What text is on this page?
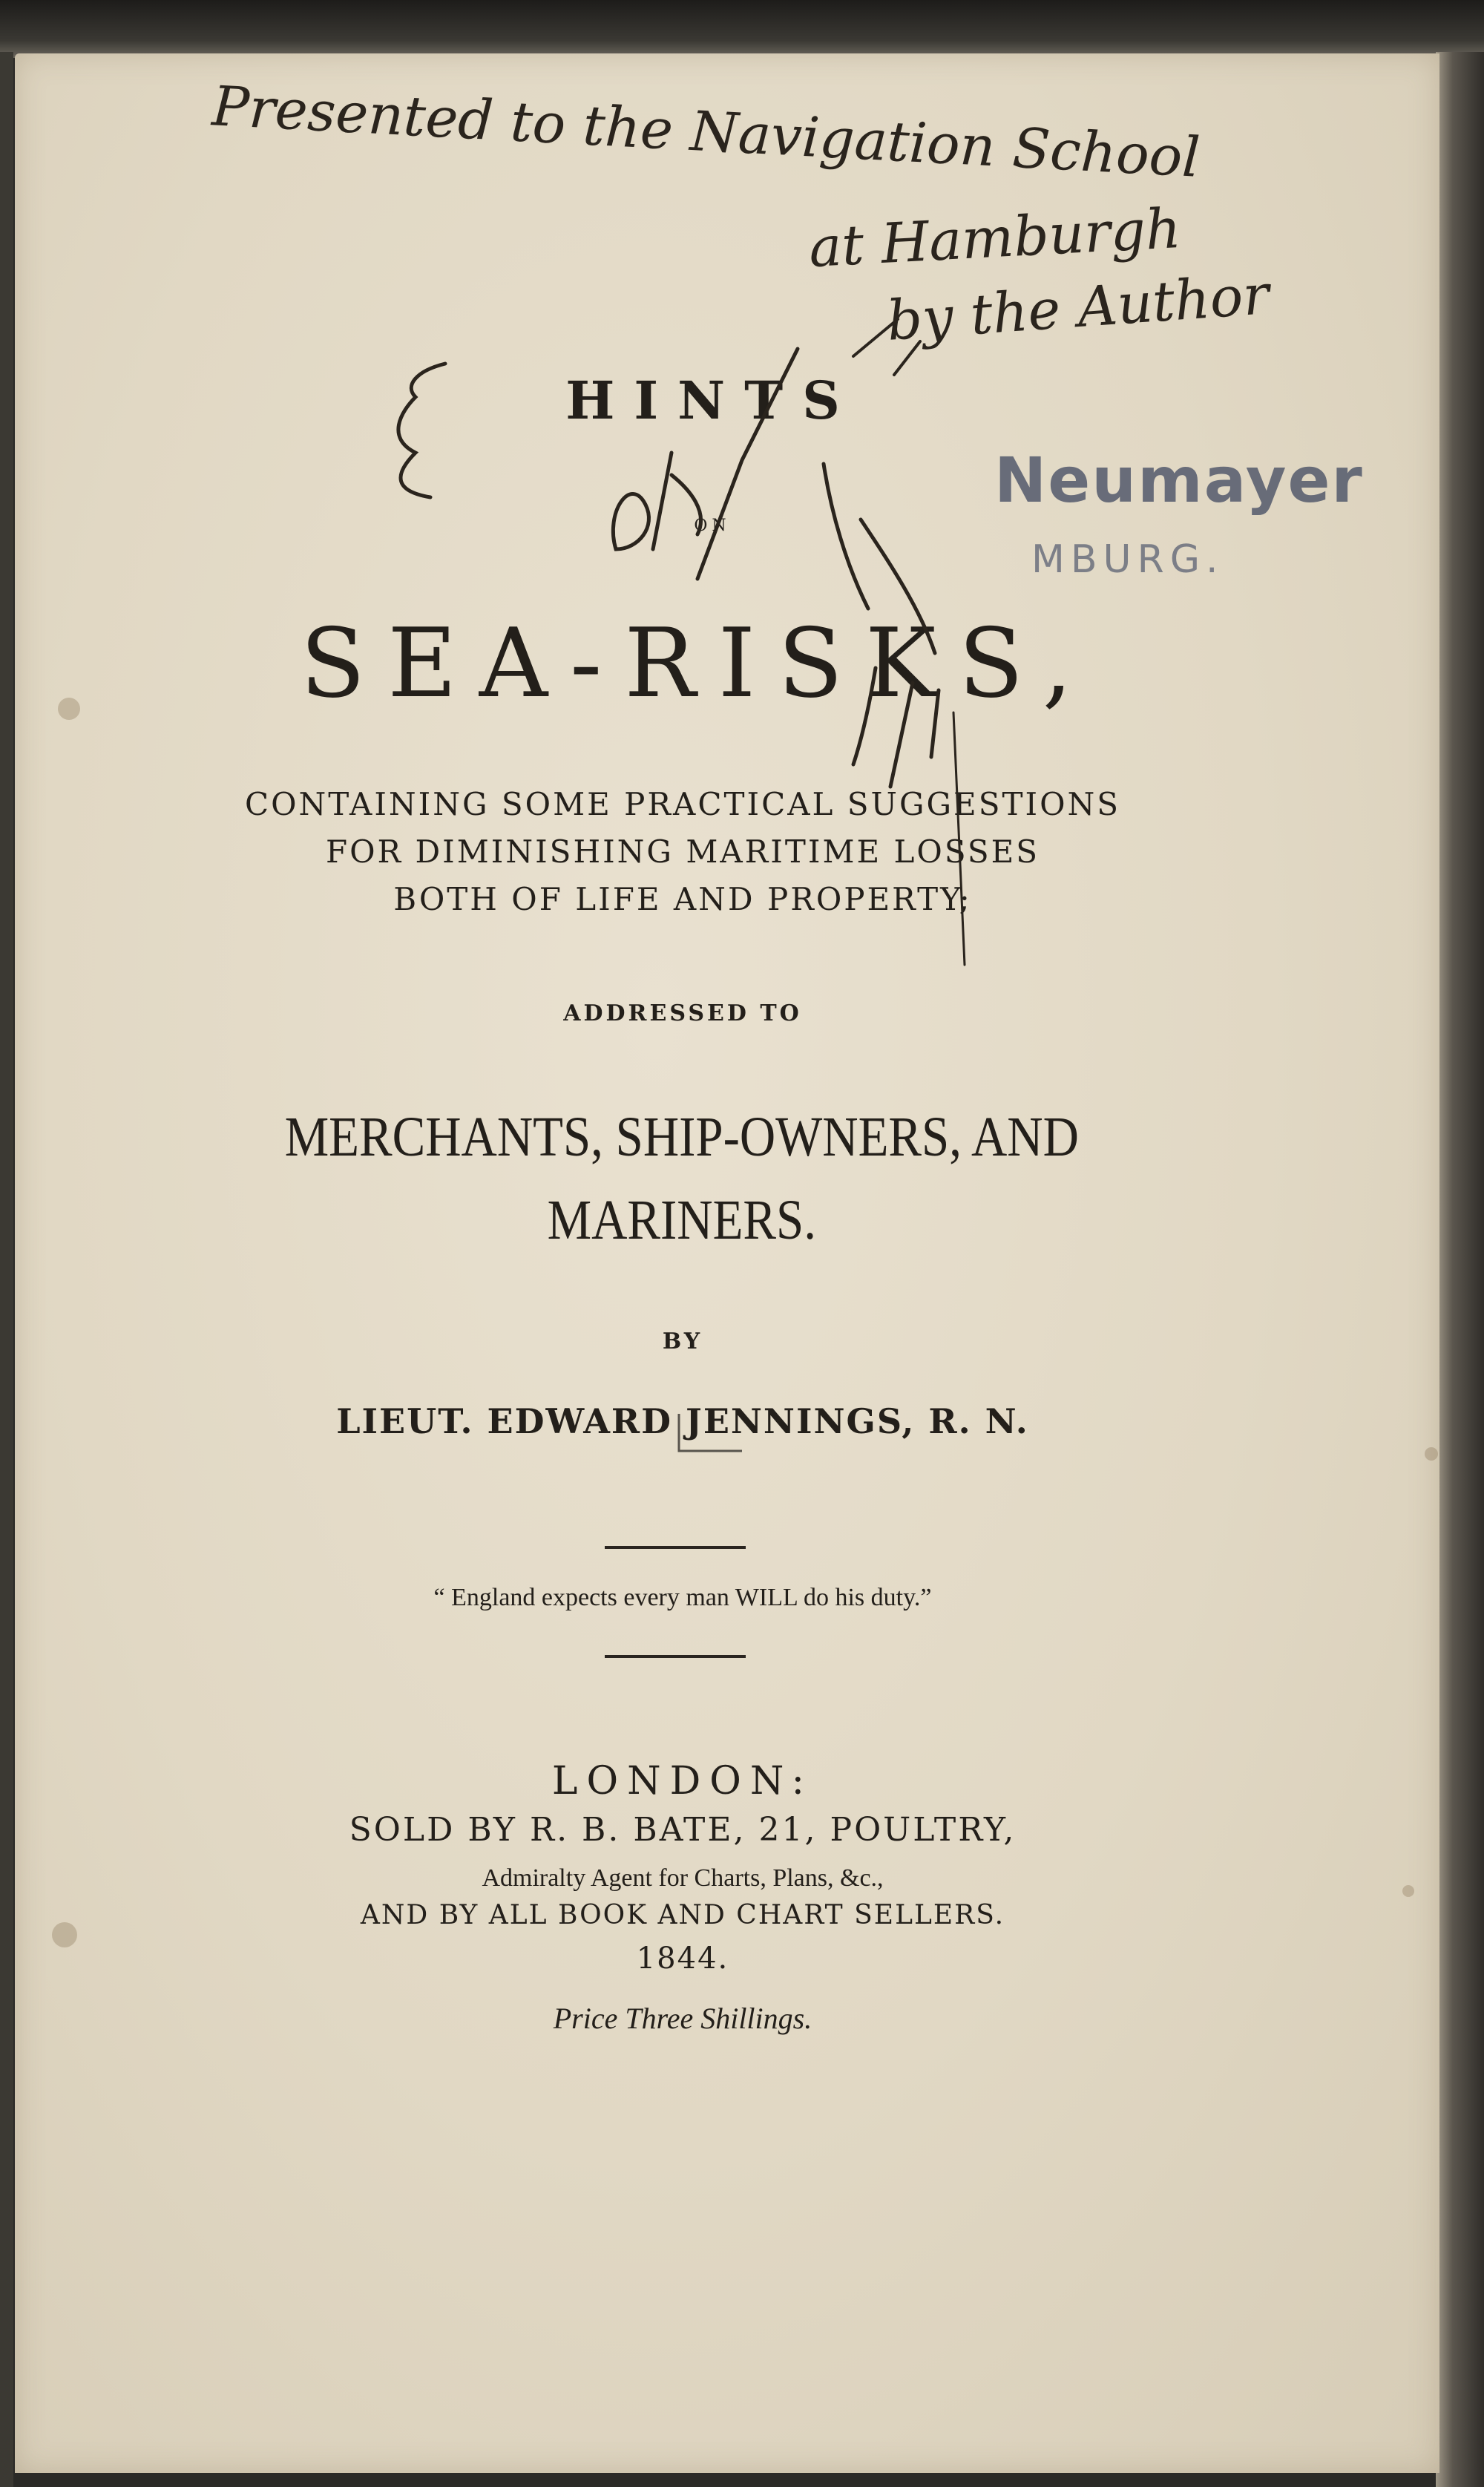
Presented to the Navigation School
at Hamburgh
by the Author
Neumayer
MBURG.
HINTS
ON
SEA-RISKS,
CONTAINING SOME PRACTICAL SUGGESTIONS
FOR DIMINISHING MARITIME LOSSES
BOTH OF LIFE AND PROPERTY;
ADDRESSED TO
MERCHANTS, SHIP-OWNERS, AND
MARINERS.
BY
LIEUT. EDWARD JENNINGS, R. N.
“ England expects every man WILL do his duty.”
LONDON:
SOLD BY R. B. BATE, 21, POULTRY,
Admiralty Agent for Charts, Plans, &c.,
AND BY ALL BOOK AND CHART SELLERS.
1844.
Price Three Shillings.
